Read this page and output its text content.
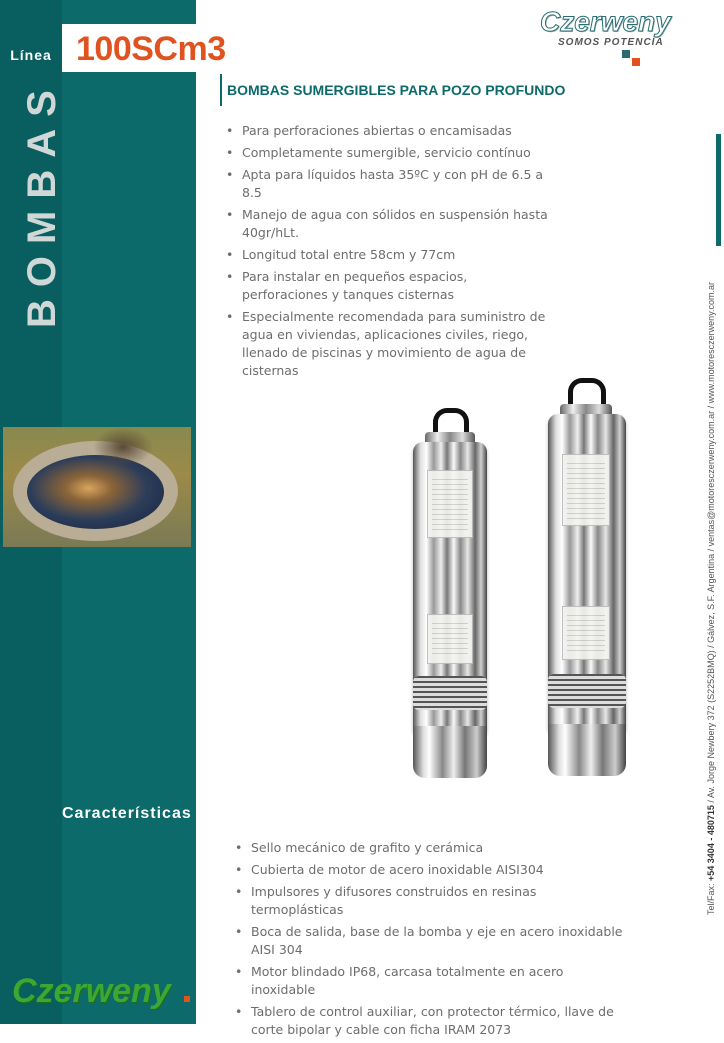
Línea 100SCm3
BOMBAS
Características
Czerweny
Czerweny
SOMOS POTENCIA
Tel/Fax: +54 3404 - 480715 / Av. Jorge Newbery 372 (S2252BMQ) / Gálvez, S.F. Argentina / ventas@motoresczerweny.com.ar / www.motoresczerweny.com.ar
BOMBAS SUMERGIBLES PARA POZO PROFUNDO
• Para perforaciones abiertas o encamisadas
• Completamente sumergible, servicio contínuo
• Apta para líquidos hasta 35ºC y con pH de 6.5 a 8.5
• Manejo de agua con sólidos en suspensión hasta 40gr/hLt.
• Longitud total entre 58cm y 77cm
• Para instalar en pequeños espacios, perforaciones y tanques cisternas
• Especialmente recomendada para suministro de agua en viviendas, aplicaciones civiles, riego, llenado de piscinas y movimiento de agua de cisternas
• Sello mecánico de grafito y cerámica
• Cubierta de motor de acero inoxidable AISI304
• Impulsores y difusores construidos en resinas termoplásticas
• Boca de salida, base de la bomba y eje en acero inoxidable AISI 304
• Motor blindado IP68, carcasa totalmente en acero inoxidable
• Tablero de control auxiliar, con protector térmico, llave de corte bipolar y cable con ficha IRAM 2073
